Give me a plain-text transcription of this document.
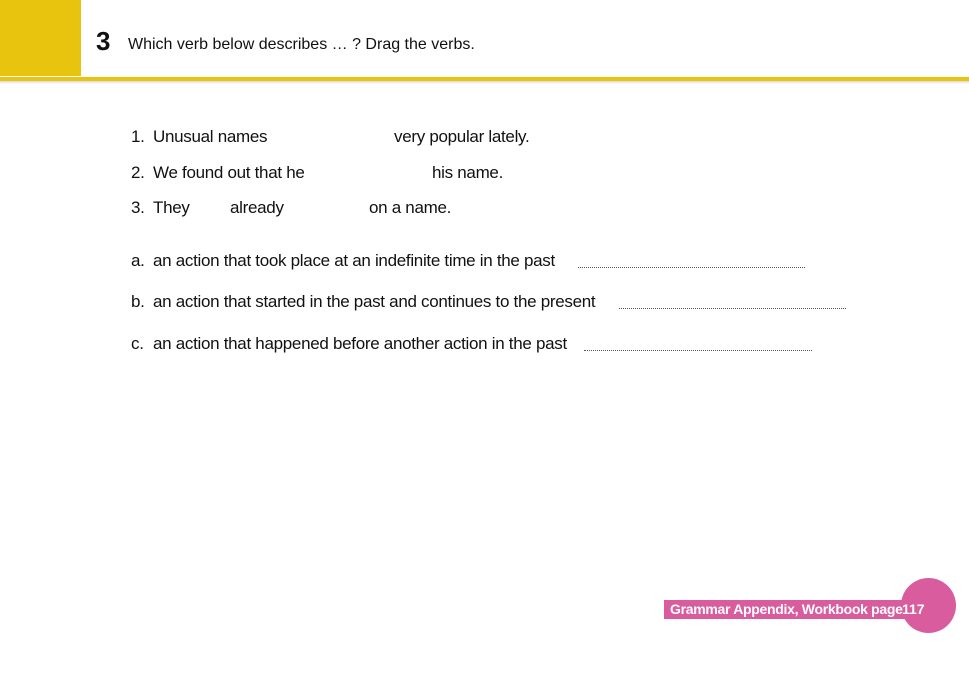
3 Which verb below describes … ? Drag the verbs.
1. Unusual names	very popular lately.
2. We found out that he	his name.
3. They already	on a name.
a. an action that took place at an indefinite time in the past
b. an action that started in the past and continues to the present
c. an action that happened before another action in the past
Grammar Appendix, Workbook page 117
